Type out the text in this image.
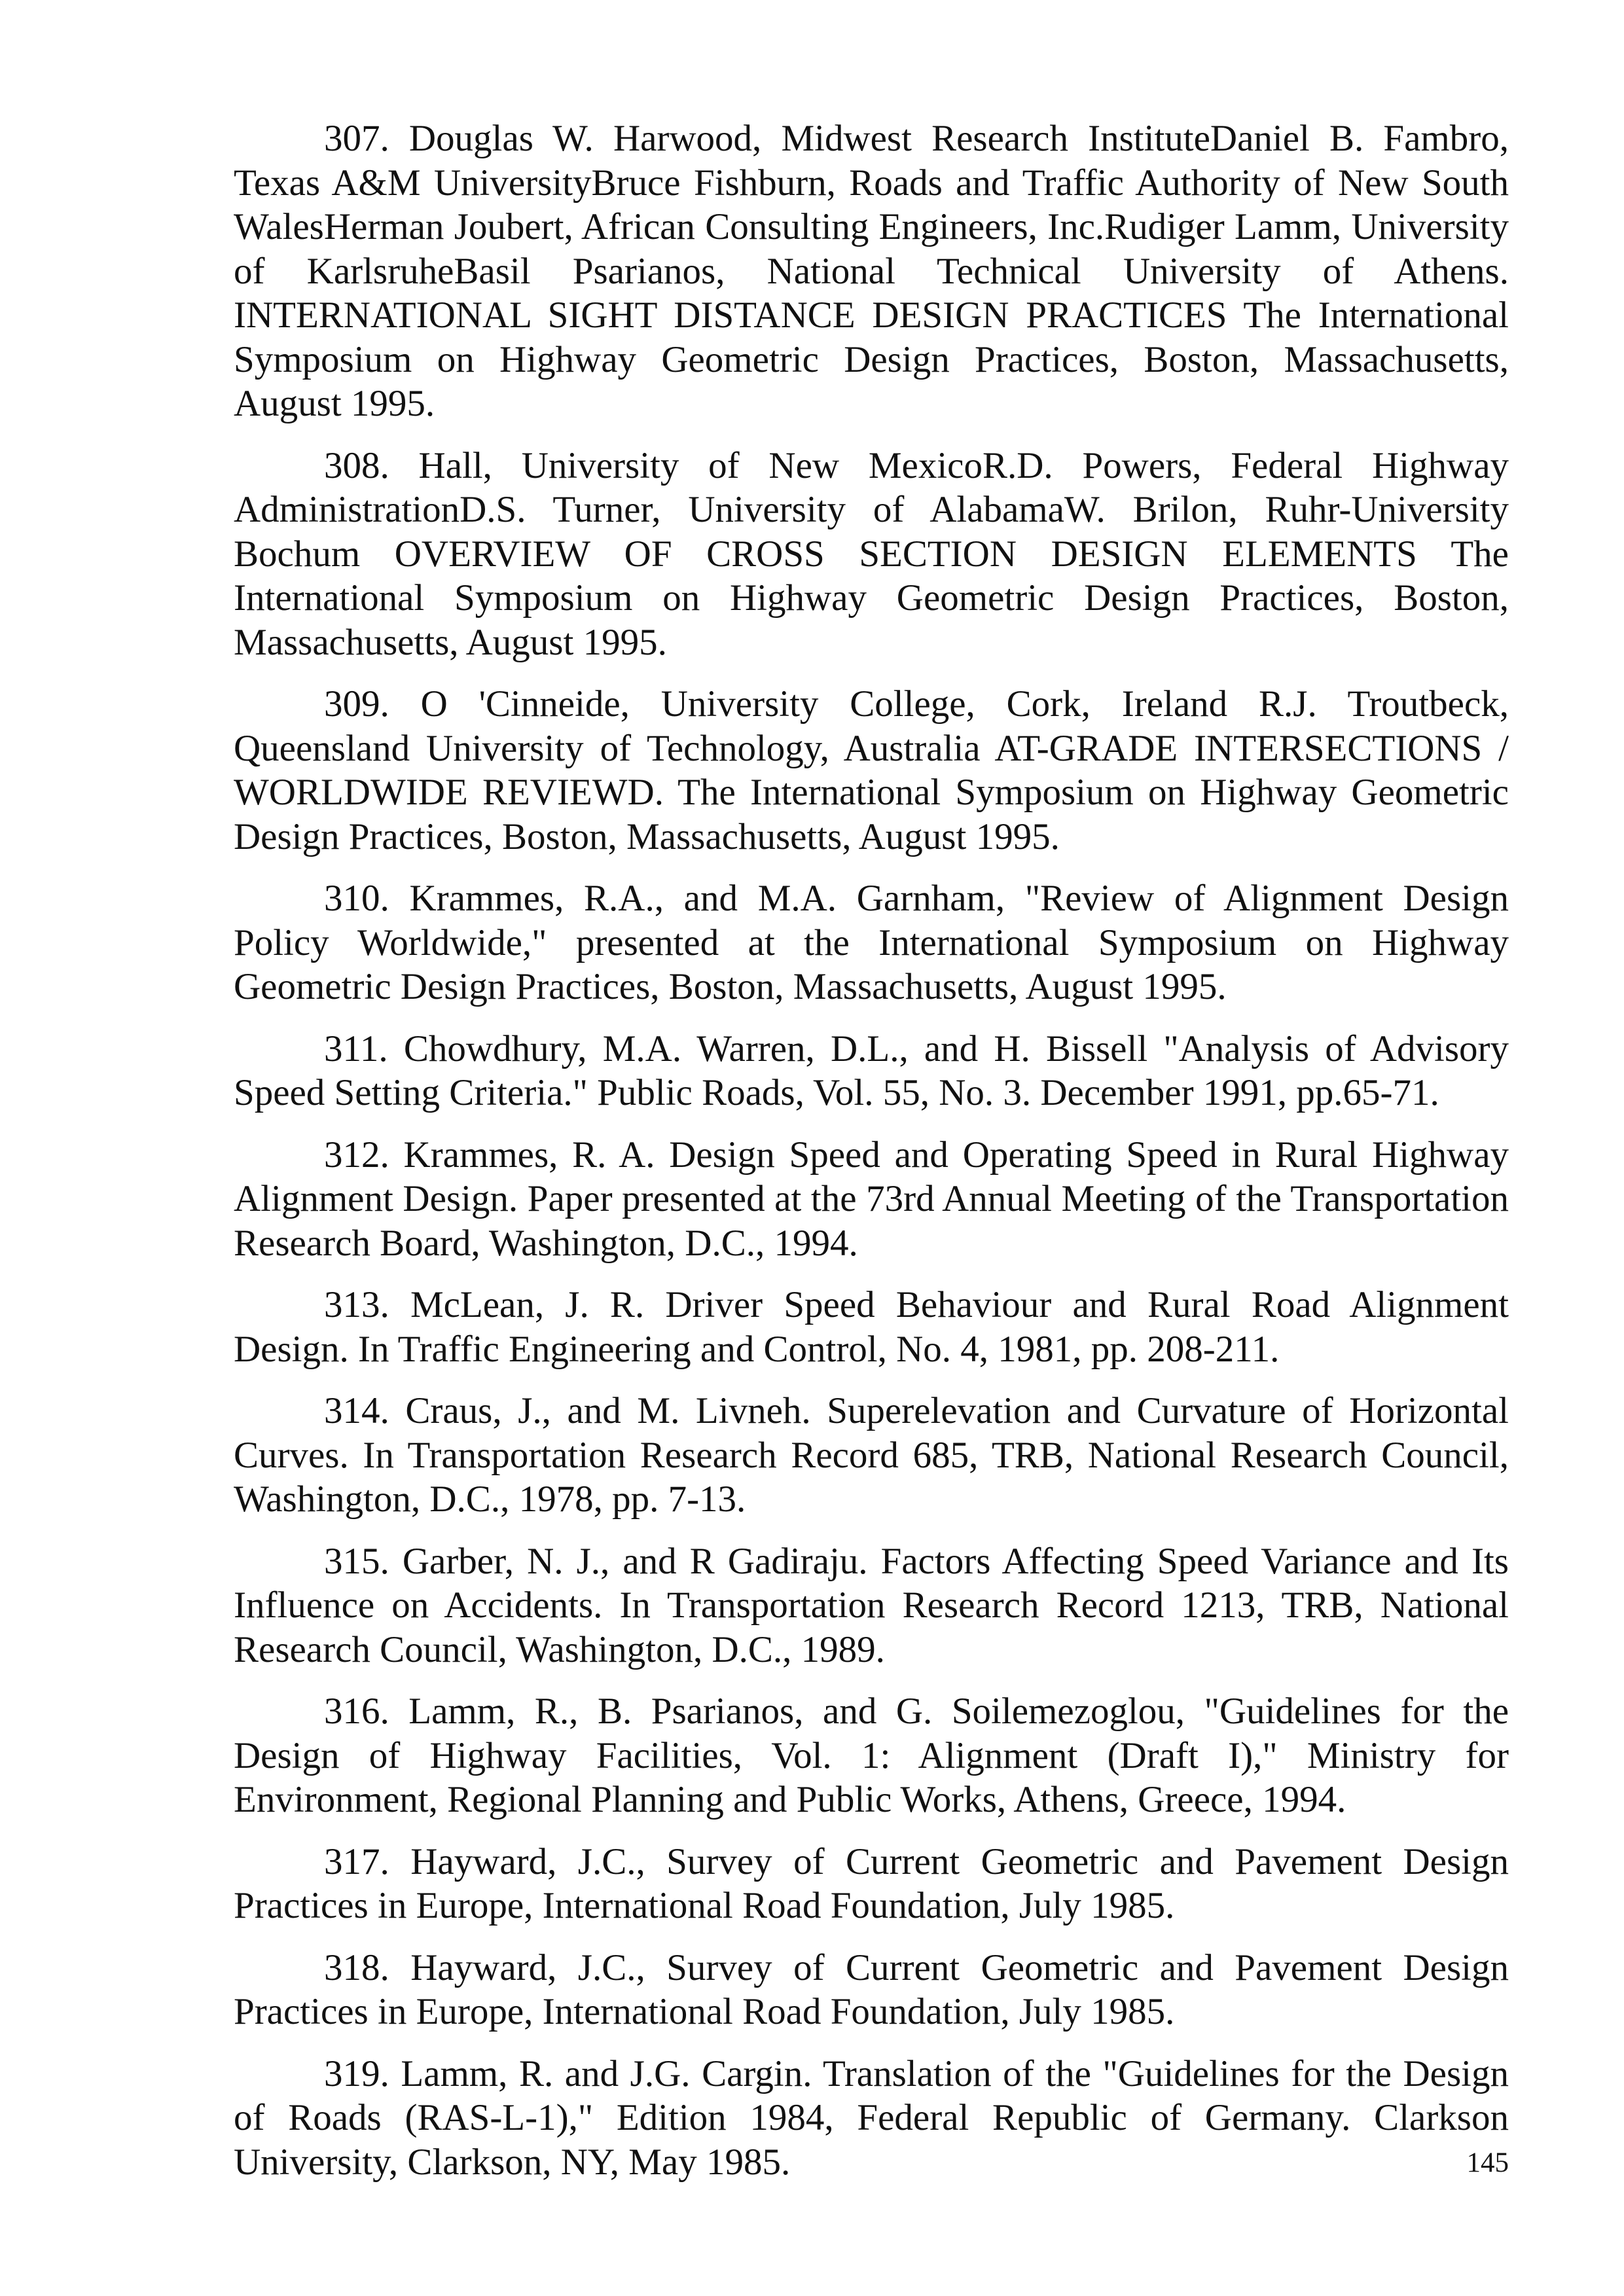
307. Douglas W. Harwood, Midwest Research InstituteDaniel B. Fambro, Texas A&M UniversityBruce Fishburn, Roads and Traffic Authority of New South WalesHerman Joubert, African Consulting Engineers, Inc.Rudiger Lamm, University of KarlsruheBasil Psarianos, National Technical University of Athens. INTERNATIONAL SIGHT DISTANCE DESIGN PRACTICES The International Symposium on Highway Geometric Design Practices, Boston, Massachusetts, August 1995.

308. Hall, University of New MexicoR.D. Powers, Federal Highway AdministrationD.S. Turner, University of AlabamaW. Brilon, Ruhr-University Bochum OVERVIEW OF CROSS SECTION DESIGN ELEMENTS The International Symposium on Highway Geometric Design Practices, Boston, Massachusetts, August 1995.

309. O 'Cinneide, University College, Cork, Ireland R.J. Troutbeck, Queensland University of Technology, Australia AT-GRADE INTERSECTIONS / WORLDWIDE REVIEWD. The International Symposium on Highway Geometric Design Practices, Boston, Massachusetts, August 1995.

310. Krammes, R.A., and M.A. Garnham, "Review of Alignment Design Policy Worldwide," presented at the International Symposium on Highway Geometric Design Practices, Boston, Massachusetts, August 1995.

311. Chowdhury, M.A. Warren, D.L., and H. Bissell "Analysis of Advisory Speed Setting Criteria." Public Roads, Vol. 55, No. 3. December 1991, pp.65-71.

312. Krammes, R. A. Design Speed and Operating Speed in Rural Highway Alignment Design. Paper presented at the 73rd Annual Meeting of the Transportation Research Board, Washington, D.C., 1994.

313. McLean, J. R. Driver Speed Behaviour and Rural Road Alignment Design. In Traffic Engineering and Control, No. 4, 1981, pp. 208-211.

314. Craus, J., and M. Livneh. Superelevation and Curvature of Horizontal Curves. In Transportation Research Record 685, TRB, National Research Council, Washington, D.C., 1978, pp. 7-13.

315. Garber, N. J., and R Gadiraju. Factors Affecting Speed Variance and Its Influence on Accidents. In Transportation Research Record 1213, TRB, National Research Council, Washington, D.C., 1989.

316. Lamm, R., B. Psarianos, and G. Soilemezoglou, "Guidelines for the Design of Highway Facilities, Vol. 1: Alignment (Draft I)," Ministry for Environment, Regional Planning and Public Works, Athens, Greece, 1994.

317. Hayward, J.C., Survey of Current Geometric and Pavement Design Practices in Europe, International Road Foundation, July 1985.

318. Hayward, J.C., Survey of Current Geometric and Pavement Design Practices in Europe, International Road Foundation, July 1985.

319. Lamm, R. and J.G. Cargin. Translation of the "Guidelines for the Design of Roads (RAS-L-1)," Edition 1984, Federal Republic of Germany. Clarkson University, Clarkson, NY, May 1985.	145
